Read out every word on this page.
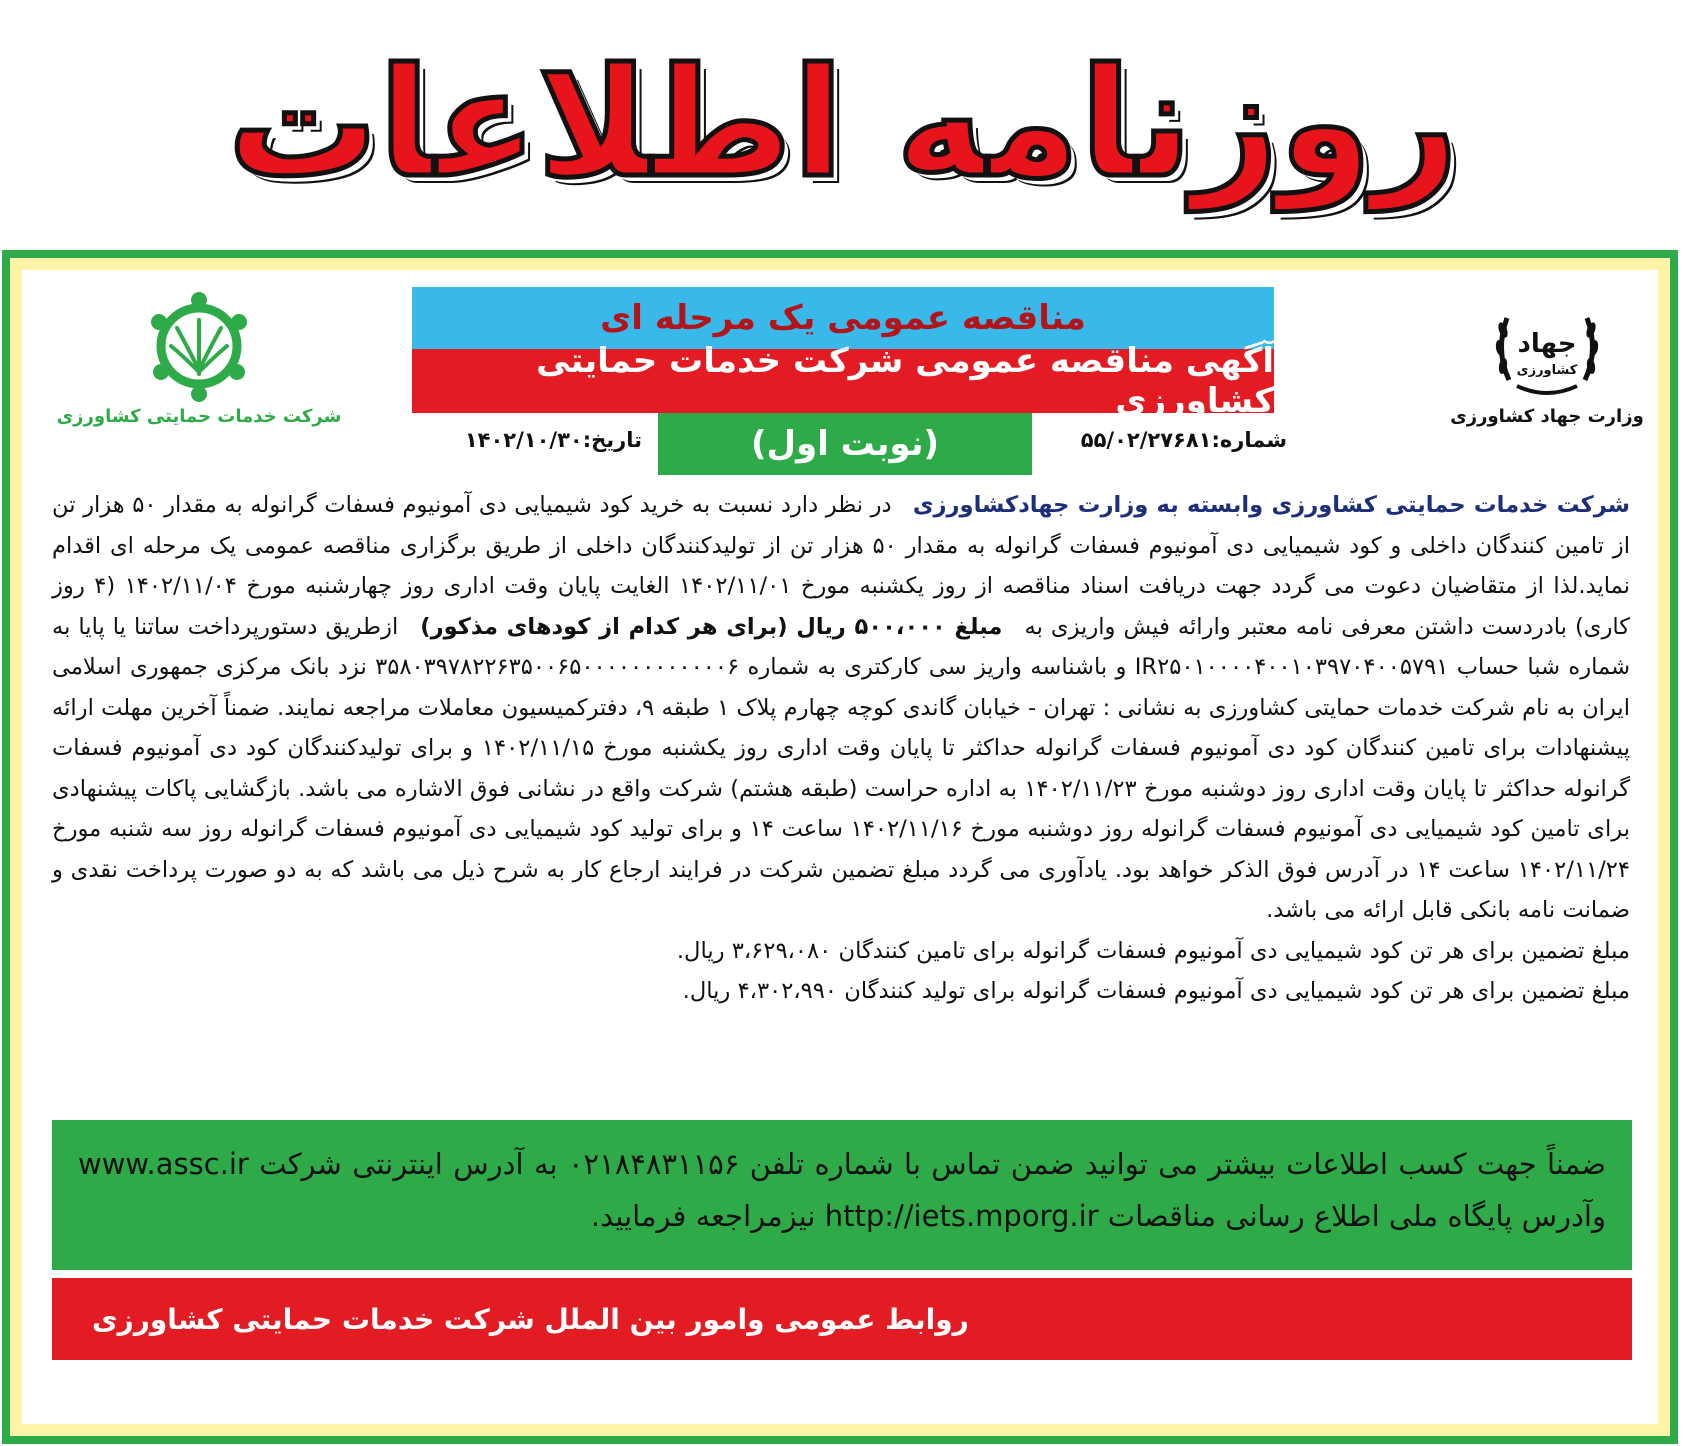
روزنامه اطلاعات
شرکت خدمات حمایتی کشاورزی
جهاد
کشاورزی
وزارت جهاد کشاورزی
مناقصه عمومی یک مرحله ای
آگهی مناقصه عمومی شرکت خدمات حمایتی کشاورزی
(نوبت اول)	شماره:
۵۵/۰۲/۲۷۶۸۱
تاریخ:
۱۴۰۲/۱۰/۳۰
شرکت خدمات حمایتی کشاورزی وابسته به وزارت جهادکشاورزی  در نظر دارد نسبت به خرید کود شیمیایی دی آمونیوم فسفات گرانوله به مقدار ۵۰ هزار تن از تامین کنندگان داخلی و کود شیمیایی دی آمونیوم فسفات گرانوله به مقدار ۵۰ هزار تن از تولیدکنندگان داخلی از طریق برگزاری مناقصه عمومی یک مرحله ای اقدام نماید.لذا از متقاضیان دعوت می گردد جهت دریافت اسناد مناقصه از روز یکشنبه مورخ ۱۴۰۲/۱۱/۰۱ الغایت پایان وقت اداری روز چهارشنبه مورخ ۱۴۰۲/۱۱/۰۴ (۴ روز کاری) بادردست داشتن معرفی نامه معتبر وارائه فیش واریزی به  مبلغ ۵۰۰،۰۰۰ ریال (برای هر کدام از کودهای مذکور)  ازطریق دستورپرداخت ساتنا یا پایا به شماره شبا حساب IR۲۵۰۱۰۰۰۰۴۰۰۱۰۳۹۷۰۴۰۰۵۷۹۱ و باشناسه واریز سی کارکتری به شماره ۳۵۸۰۳۹۷۸۲۲۶۳۵۰۰۶۵۰۰۰۰۰۰۰۰۰۰۰۰۶ نزد بانک مرکزی جمهوری اسلامی ایران به نام شرکت خدمات حمایتی کشاورزی به نشانی : تهران - خیابان گاندی کوچه چهارم پلاک ۱ طبقه ۹، دفترکمیسیون معاملات مراجعه نمایند. ضمناً آخرین مهلت ارائه پیشنهادات برای تامین کنندگان کود دی آمونیوم فسفات گرانوله حداکثر تا پایان وقت اداری روز یکشنبه مورخ ۱۴۰۲/۱۱/۱۵ و برای تولیدکنندگان کود دی آمونیوم فسفات گرانوله حداکثر تا پایان وقت اداری روز دوشنبه مورخ ۱۴۰۲/۱۱/۲۳ به اداره حراست (طبقه هشتم) شرکت واقع در نشانی فوق الاشاره می باشد. بازگشایی پاکات پیشنهادی برای تامین کود شیمیایی دی آمونیوم فسفات گرانوله روز دوشنبه مورخ ۱۴۰۲/۱۱/۱۶ ساعت ۱۴ و برای تولید کود شیمیایی دی آمونیوم فسفات گرانوله روز سه شنبه مورخ ۱۴۰۲/۱۱/۲۴ ساعت ۱۴ در آدرس فوق الذکر خواهد بود. یادآوری می گردد مبلغ تضمین شرکت در فرایند ارجاع کار به شرح ذیل می باشد که به دو صورت پرداخت نقدی و ضمانت نامه بانکی قابل ارائه می باشد.
مبلغ تضمین برای هر تن کود شیمیایی دی آمونیوم فسفات گرانوله برای تامین کنندگان ۳،۶۲۹،۰۸۰ ریال.
مبلغ تضمین برای هر تن کود شیمیایی دی آمونیوم فسفات گرانوله برای تولید کنندگان ۴،۳۰۲،۹۹۰ ریال.
ضمناً جهت کسب اطلاعات بیشتر می توانید ضمن تماس با شماره تلفن ۰۲۱۸۴۸۳۱۱۵۶ به آدرس اینترنتی شرکت www.assc.ir وآدرس پایگاه ملی اطلاع رسانی مناقصات http://iets.mporg.ir نیزمراجعه فرمایید.
روابط عمومی وامور بین الملل شرکت خدمات حمایتی کشاورزی
